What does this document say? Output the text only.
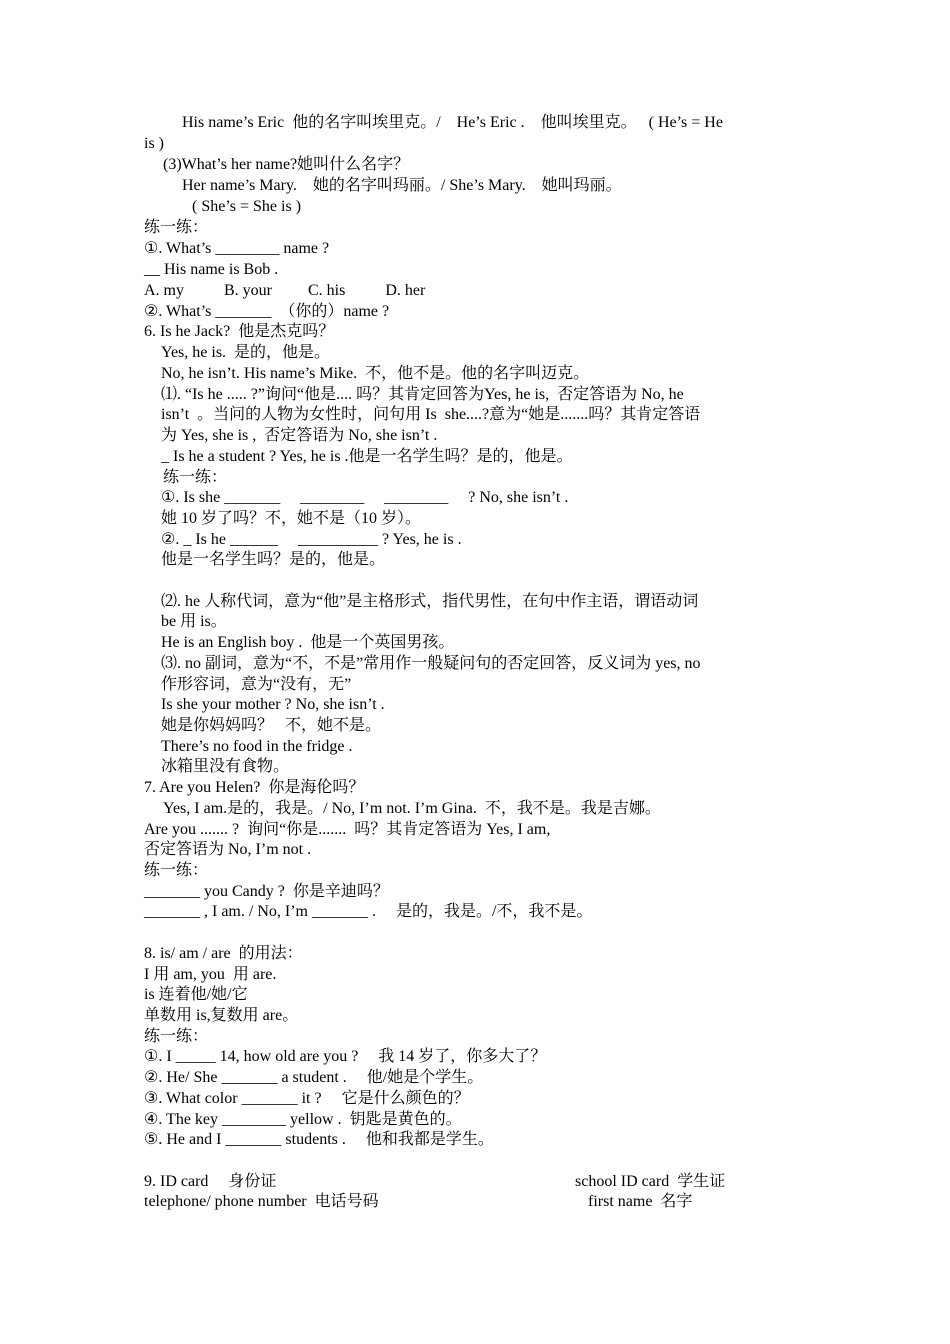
His name’s Eric  他的名字叫埃里克。/    He’s Eric .    他叫埃里克。   ( He’s = He
is )
(3)What’s her name?她叫什么名字？
Her name’s Mary.    她的名字叫玛丽。/ She’s Mary.    她叫玛丽。
( She’s = She is )
练一练：
①. What’s ________ name ?
__ His name is Bob .
A. my          B. your         C. his          D. her
②. What’s _______  （你的）name ?
6. Is he Jack?  他是杰克吗？
Yes, he is.  是的，他是。
No, he isn’t. His name’s Mike.  不，他不是。他的名字叫迈克。
⑴. “Is he ..... ?”询问“他是.... 吗？其肯定回答为Yes, he is,  否定答语为 No, he
isn’t  。当问的人物为女性时，问句用 Is  she....?意为“她是.......吗？其肯定答语
为 Yes, she is ,  否定答语为 No, she isn’t .
_ Is he a student ? Yes, he is .他是一名学生吗？是的，他是。
练一练：
①. Is she _______     ________     ________     ? No, she isn’t .
她 10 岁了吗？不，她不是（10 岁）。
②. _ Is he ______     __________ ? Yes, he is .
他是一名学生吗？是的，他是。
⑵. he 人称代词，意为“他”是主格形式，指代男性，在句中作主语，谓语动词
be 用 is。
He is an English boy .  他是一个英国男孩。
⑶. no 副词，意为“不，不是”常用作一般疑问句的否定回答，反义词为 yes, no
作形容词，意为“没有，无”
Is she your mother ? No, she isn’t .
她是你妈妈吗？   不，她不是。
There’s no food in the fridge .
冰箱里没有食物。
7. Are you Helen?  你是海伦吗？
Yes, I am.是的，我是。/ No, I’m not. I’m Gina.  不，我不是。我是吉娜。
Are you ....... ?  询问“你是.......  吗？其肯定答语为 Yes, I am,
否定答语为 No, I’m not .
练一练：
_______ you Candy ?  你是辛迪吗？
_______ , I am. / No, I’m _______ .     是的，我是。/不，我不是。
8. is/ am / are  的用法：
I 用 am, you  用 are.
is 连着他/她/它
单数用 is,复数用 are。
练一练：
①. I _____ 14, how old are you ?     我 14 岁了，你多大了？
②. He/ She _______ a student .     他/她是个学生。
③. What color _______ it ?     它是什么颜色的？
④. The key ________ yellow .  钥匙是黄色的。
⑤. He and I _______ students .     他和我都是学生。
9. ID card     身份证	school ID card  学生证
telephone/ phone number  电话号码	first name  名字
